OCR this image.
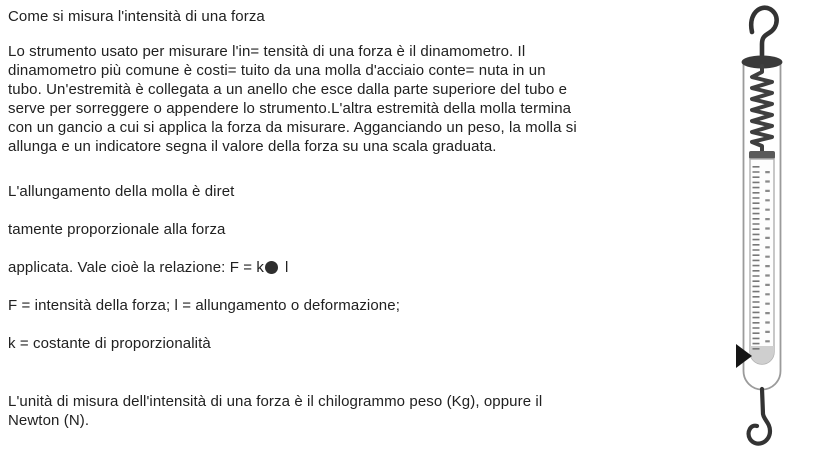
Come si misura l'intensità di una forza
Lo strumento usato per misurare l'in= tensità di una forza è il dinamometro. Il
dinamometro più comune è costi= tuito da una molla d'acciaio conte= nuta in un
tubo. Un'estremità è collegata a un anello che esce dalla parte superiore del tubo e
serve per sorreggere o appendere lo strumento.L'altra estremità della molla termina
con un gancio a cui si applica la forza da misurare. Agganciando un peso, la molla si
allunga e un indicatore segna il valore della forza su una scala graduata.
L'allungamento della molla è diret
tamente proporzionale alla forza
applicata. Vale cioè la relazione: F = k l
F = intensità della forza; l = allungamento o deformazione;
k = costante di proporzionalità
L'unità di misura dell'intensità di una forza è il chilogrammo peso (Kg), oppure il
Newton (N).
